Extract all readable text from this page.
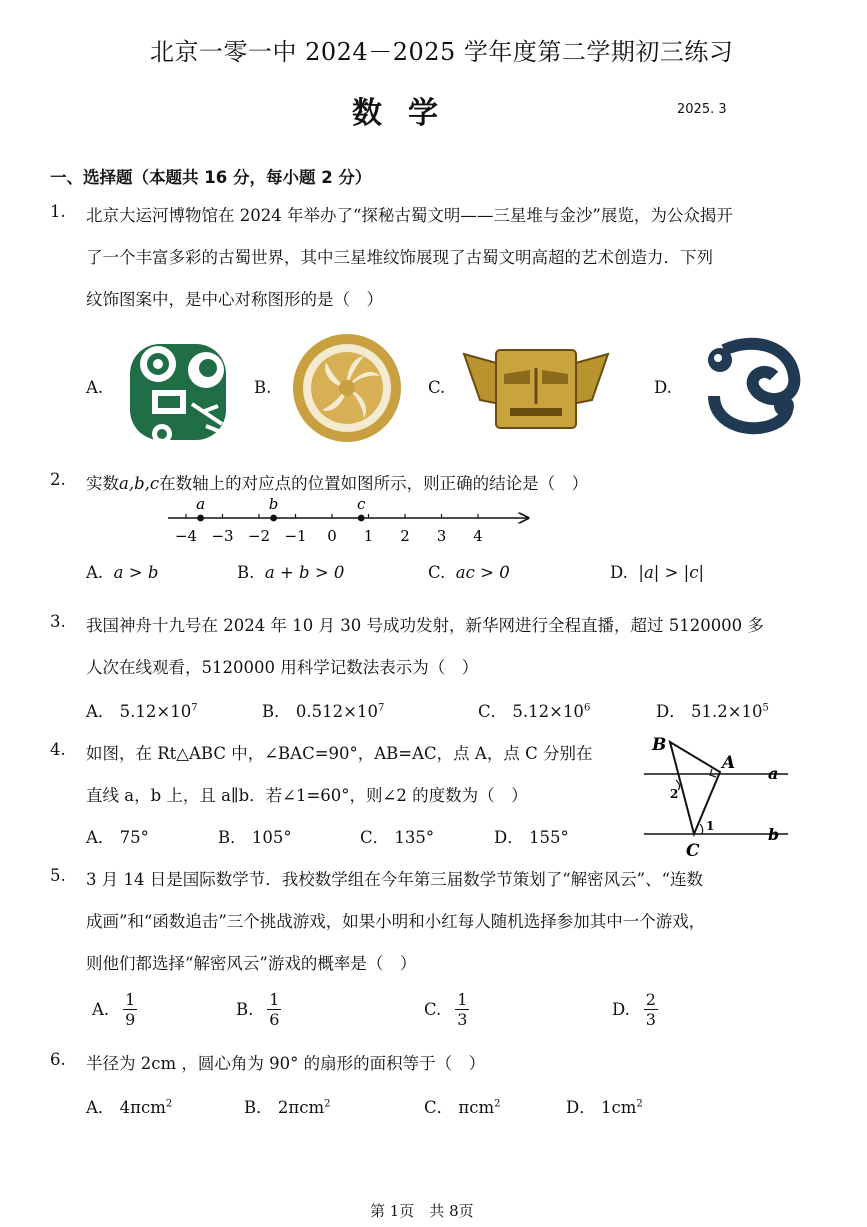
北京一零一中 2024－2025 学年度第二学期初三练习
数学	2025. 3
一、选择题（本题共 16 分，每小题 2 分）
1. 北京大运河博物馆在 2024 年举办了“探秘古蜀文明——三星堆与金沙”展览，为公众揭开
了一个丰富多彩的古蜀世界，其中三星堆纹饰展现了古蜀文明高超的艺术创造力．下列
纹饰图案中，是中心对称图形的是（　）
A.	B.	C.	D.
2. 实数a,b,c在数轴上的对应点的位置如图所示，则正确的结论是（　）
−4 −3 −2 −1 0 1 2 3 4
a	b	c
A. a > b	B. a + b > 0	C. ac > 0	D. |a| > |c|
3. 我国神舟十九号在 2024 年 10 月 30 号成功发射，新华网进行全程直播，超过 5120000 多
人次在线观看，5120000 用科学记数法表示为（　）
A． $5.12\times 10^7$	B． $0.512\times 10^7$	C． $5.12\times 10^6$	D． $51.2\times 10^5$
4. 如图，在 Rt△ABC 中，∠BAC=90°，AB=AC，点 A，点 C 分别在
直线 a，b 上，且 a∥b．若∠1=60°，则∠2 的度数为（　）
A． 75°	B． 105°	C． 135°	D． 155°
B
A
C
a
b
1
2
5. 3 月 14 日是国际数学节．我校数学组在今年第三届数学节策划了“解密风云”、“连数
成画”和“函数追击”三个挑战游戏，如果小明和小红每人随机选择参加其中一个游戏，
则他们都选择“解密风云”游戏的概率是（　）
A. $\frac{1}{9}$	B. $\frac{1}{6}$	C. $\frac{1}{3}$	D. $\frac{2}{3}$
6. 半径为 2cm ，圆心角为 90° 的扇形的面积等于（　）
A． 4πcm$^2$	B． 2πcm$^2$	C． πcm$^2$	D． $1cm^2$
第 1页　共 8页
